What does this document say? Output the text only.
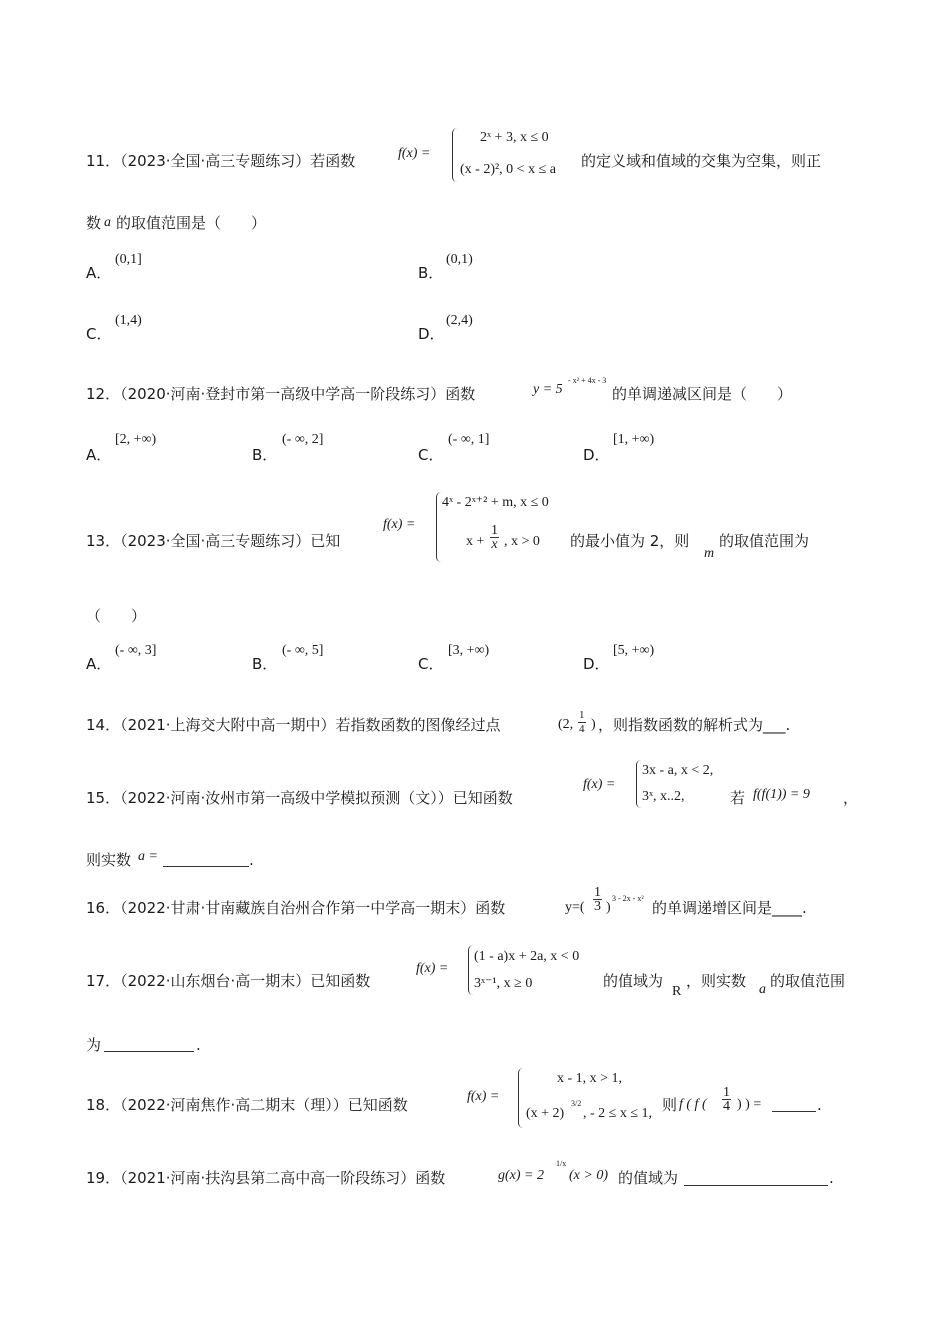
11．（2023·全国·高三专题练习）若函数	f(x) =
2ˣ + 3, x ≤ 0
(x - 2)², 0 < x ≤ a 的定义域和值域的交集为空集，则正
数 a 的取值范围是（　　）
A．
(0,1]
B．
(0,1)
C．
(1,4)
D．
(2,4)
12．（2020·河南·登封市第一高级中学高一阶段练习）函数	y = 5
- x² + 4x - 3
的单调递减区间是（　　）
A．
[2, +∞)
B．
(- ∞, 2]
C．
(- ∞, 1]
D．
[1, +∞)
13．（2023·全国·高三专题练习）已知
f(x) =
4ˣ - 2ˣ⁺² + m, x ≤ 0
$x + \frac{1}{x}$ , x > 0 的最小值为 2，则
m
的取值范围为
（　　）
A．
(- ∞, 3]
B．
(- ∞, 5]
C．
[3, +∞)
D．
[5, +∞)
14．（2021·上海交大附中高一期中）若指数函数的图像经过点	(2, $\frac{1}{4}$ ) ，则指数函数的解析式为___.
15．（2022·河南·汝州市第一高级中学模拟预测（文））已知函数
f(x) =
3x - a, x < 2,
3ˣ, x..2,	若 f(f(1)) = 9 ，
则实数 a =	.
16．（2022·甘肃·甘南藏族自治州合作第一中学高一期末）函数	$y=( \frac{1}{3}$ )
3 - 2x - x²
的单调递增区间是____.
17．（2022·山东烟台·高一期末）已知函数
f(x) =
(1 - a)x + 2a, x < 0
3ˣ⁻¹, x ≥ 0	的值域为
R
，则实数 a 的取值范围
为	.
18．（2022·河南焦作·高二期末（理））已知函数	f(x) =
x - 1, x > 1,
(x + 2)
3/2
, - 2 ≤ x ≤ 1, 则 f ( f ( $\frac{1}{4}$ ) ) =	.
19．（2021·河南·扶沟县第二高中高一阶段练习）函数	g(x) = 2
1/x
(x > 0) 的值域为	.
